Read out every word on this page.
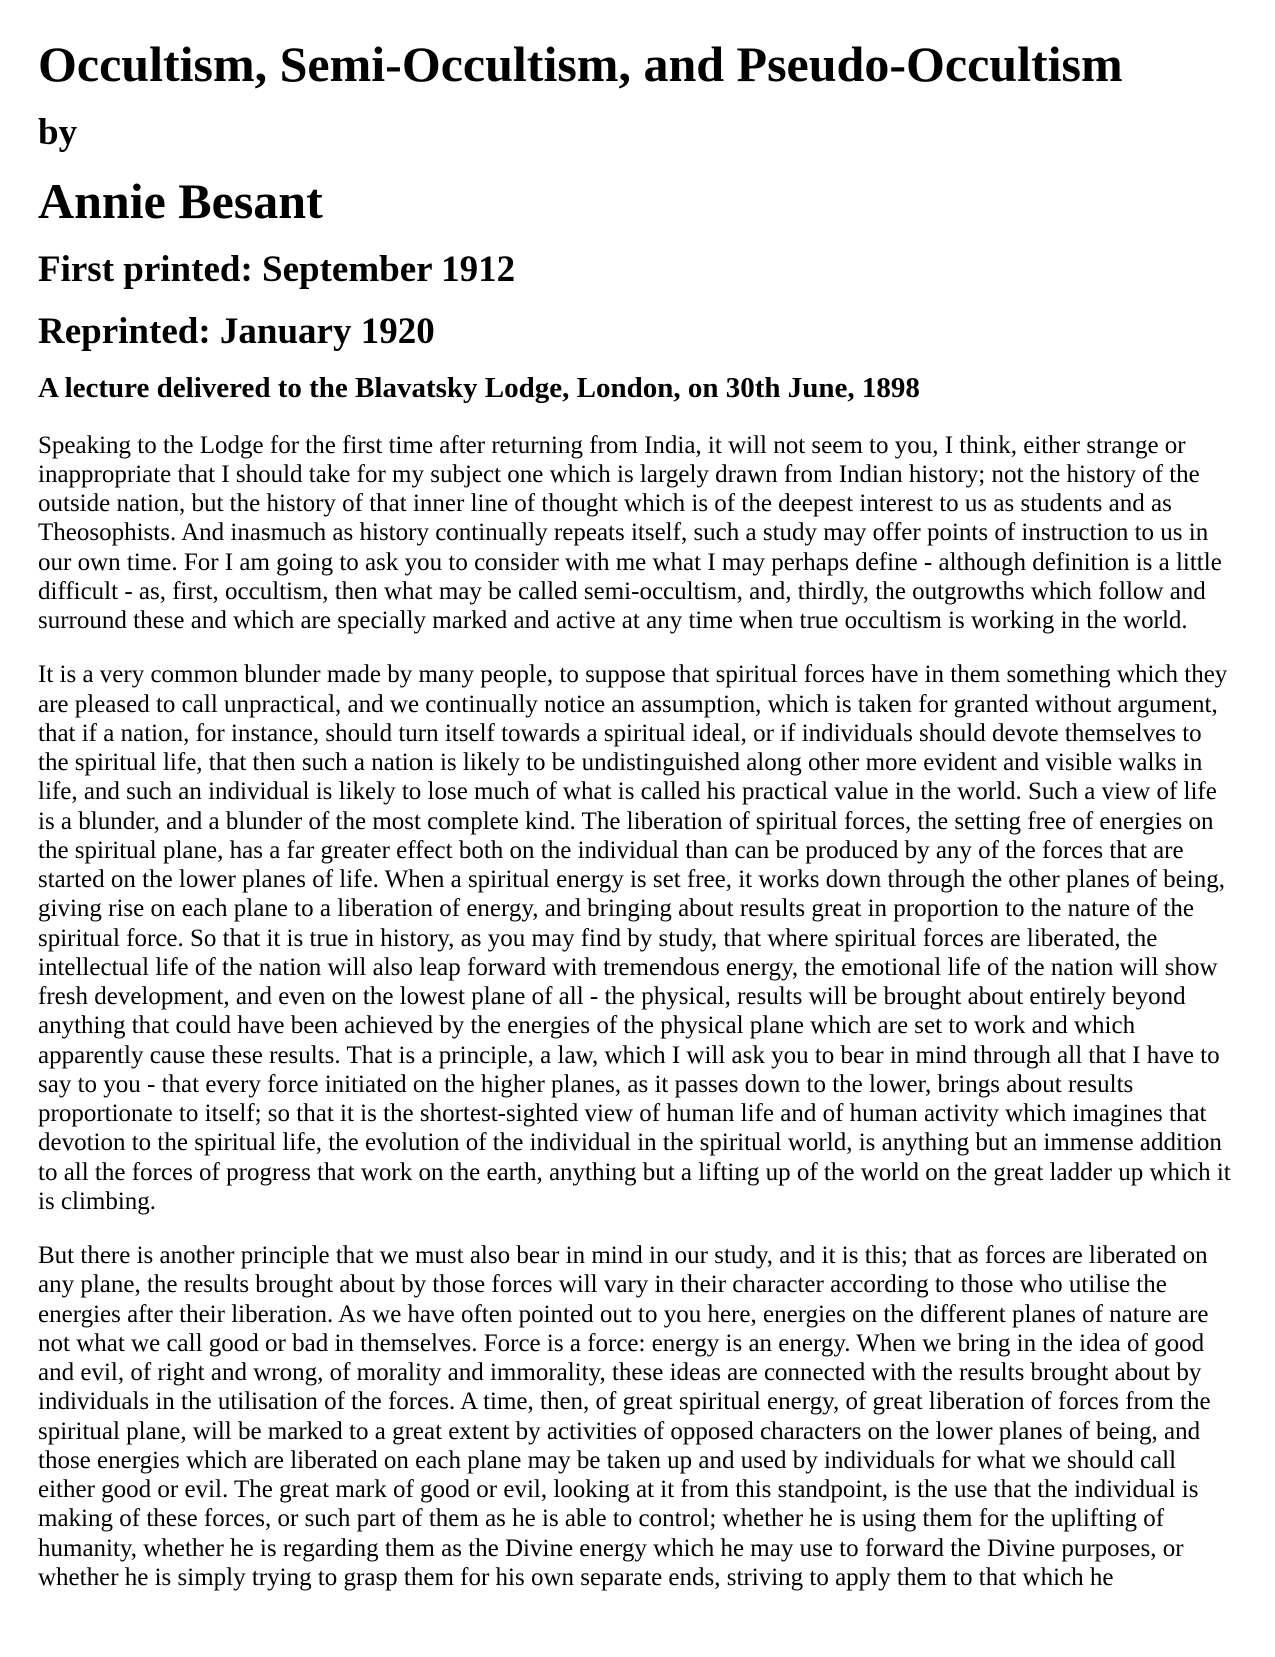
Occultism, Semi-Occultism, and Pseudo-Occultism
by
Annie Besant
First printed: September 1912
Reprinted: January 1920
A lecture delivered to the Blavatsky Lodge, London, on 30th June, 1898

Speaking to the Lodge for the first time after returning from India, it will not seem to you, I think, either strange or inappropriate that I should take for my subject one which is largely drawn from Indian history; not the history of the outside nation, but the history of that inner line of thought which is of the deepest interest to us as students and as Theosophists. And inasmuch as history continually repeats itself, such a study may offer points of instruction to us in our own time. For I am going to ask you to consider with me what I may perhaps define - although definition is a little difficult - as, first, occultism, then what may be called semi-occultism, and, thirdly, the outgrowths which follow and surround these and which are specially marked and active at any time when true occultism is working in the world.

It is a very common blunder made by many people, to suppose that spiritual forces have in them something which they are pleased to call unpractical, and we continually notice an assumption, which is taken for granted without argument, that if a nation, for instance, should turn itself towards a spiritual ideal, or if individuals should devote themselves to the spiritual life, that then such a nation is likely to be undistinguished along other more evident and visible walks in life, and such an individual is likely to lose much of what is called his practical value in the world. Such a view of life is a blunder, and a blunder of the most complete kind. The liberation of spiritual forces, the setting free of energies on the spiritual plane, has a far greater effect both on the individual than can be produced by any of the forces that are started on the lower planes of life. When a spiritual energy is set free, it works down through the other planes of being, giving rise on each plane to a liberation of energy, and bringing about results great in proportion to the nature of the spiritual force. So that it is true in history, as you may find by study, that where spiritual forces are liberated, the intellectual life of the nation will also leap forward with tremendous energy, the emotional life of the nation will show fresh development, and even on the lowest plane of all - the physical, results will be brought about entirely beyond anything that could have been achieved by the energies of the physical plane which are set to work and which apparently cause these results. That is a principle, a law, which I will ask you to bear in mind through all that I have to say to you - that every force initiated on the higher planes, as it passes down to the lower, brings about results proportionate to itself; so that it is the shortest-sighted view of human life and of human activity which imagines that devotion to the spiritual life, the evolution of the individual in the spiritual world, is anything but an immense addition to all the forces of progress that work on the earth, anything but a lifting up of the world on the great ladder up which it is climbing.

But there is another principle that we must also bear in mind in our study, and it is this; that as forces are liberated on any plane, the results brought about by those forces will vary in their character according to those who utilise the energies after their liberation. As we have often pointed out to you here, energies on the different planes of nature are not what we call good or bad in themselves. Force is a force: energy is an energy. When we bring in the idea of good and evil, of right and wrong, of morality and immorality, these ideas are connected with the results brought about by individuals in the utilisation of the forces. A time, then, of great spiritual energy, of great liberation of forces from the spiritual plane, will be marked to a great extent by activities of opposed characters on the lower planes of being, and those energies which are liberated on each plane may be taken up and used by individuals for what we should call either good or evil. The great mark of good or evil, looking at it from this standpoint, is the use that the individual is making of these forces, or such part of them as he is able to control; whether he is using them for the uplifting of humanity, whether he is regarding them as the Divine energy which he may use to forward the Divine purposes, or whether he is simply trying to grasp them for his own separate ends, striving to apply them to that which he
